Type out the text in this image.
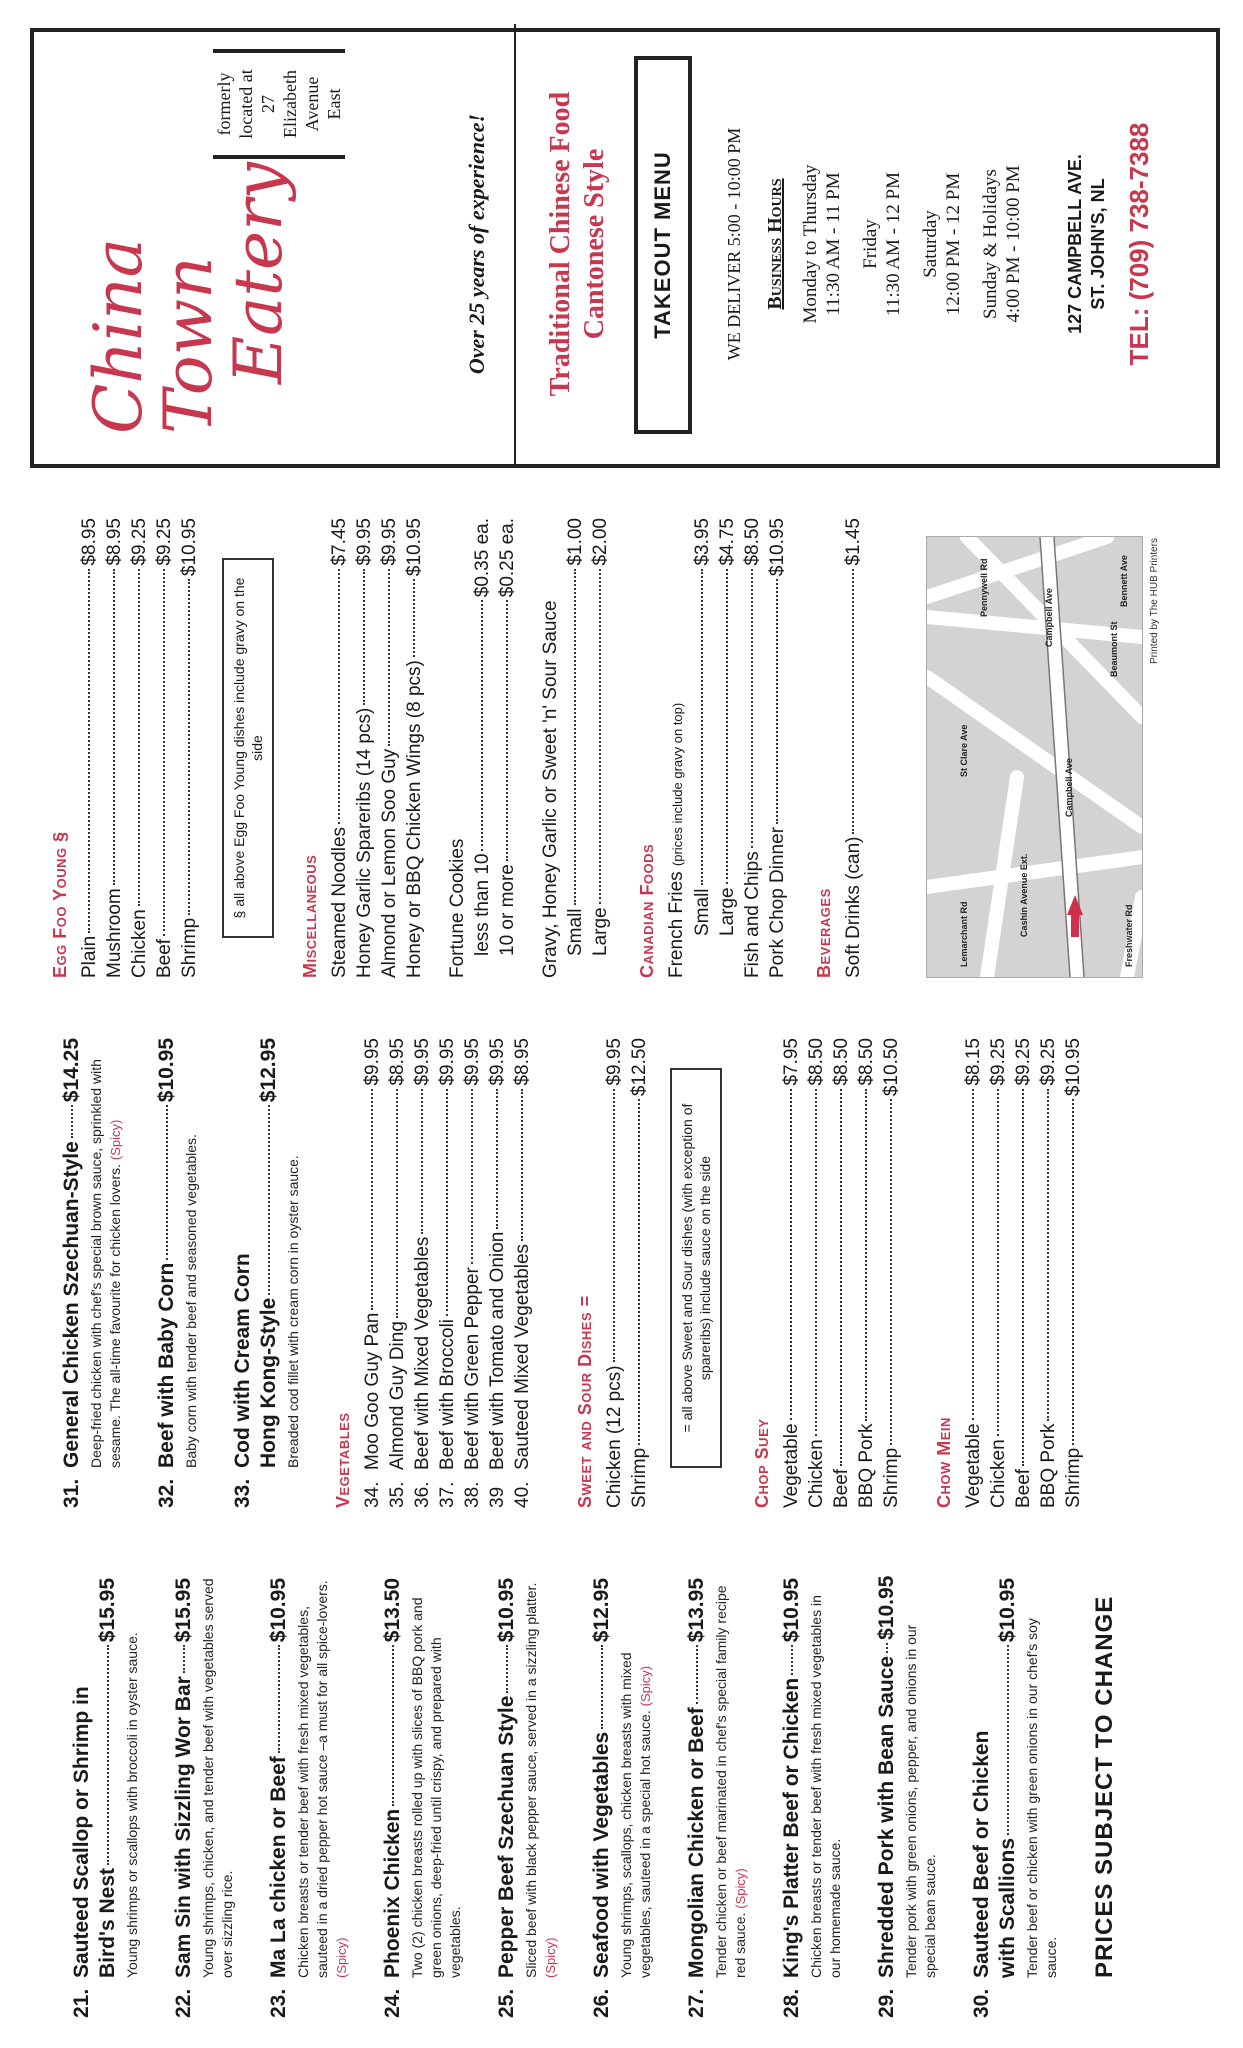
21.
Sauteed Scallop or Shrimp in Bird's Nest
$15.95
Young shrimps or scallops with broccoli in oyster sauce.
22.
Sam Sin with Sizzling Wor Bar
$15.95 Young shrimps, chicken, and tender beef with vegetables served over sizzling rice.
23.
Ma La chicken or Beef
$10.95 Chicken breasts or tender beef with fresh mixed vegetables, sauteed in a dried pepper hot sauce –a must for all spice-lovers. (Spicy)
24.
Phoenix Chicken
$13.50 Two (2) chicken breasts rolled up with slices of BBQ pork and green onions, deep-fried until crispy, and prepared with vegetables.
25.
Pepper Beef Szechuan Style
$10.95 Sliced beef with black pepper sauce, served in a sizzling platter. (Spicy)
26.
Seafood with Vegetables
$12.95
Young shrimps, scallops, chicken breasts with mixed vegetables, sauteed in a special hot sauce. (Spicy)
27.
Mongolian Chicken or Beef
$13.95 Tender chicken or beef marinated in chef's special family recipe red sauce. (Spicy)
28.
King's Platter Beef or Chicken
$10.95 Chicken breasts or tender beef with fresh mixed vegetables in our homemade sauce.
29.
Shredded Pork with Bean Sauce
$10.95
Tender pork with green onions, pepper, and onions in our special bean sauce.
30.
Sauteed Beef or Chicken with Scallions
$10.95
Tender beef or chicken with green onions in our chef's soy sauce. PRICES SUBJECT TO CHANGE
31.
General Chicken Szechuan-Style
$14.25 Deep-fried chicken with chef's special brown sauce, sprinkled with sesame. The all-time favourite for chicken lovers. (Spicy)
32.
Beef with Baby Corn
$10.95
Baby corn with tender beef and seasoned vegetables.
33.
Cod with Cream Corn Hong Kong-Style
$12.95
Breaded cod fillet with cream corn in oyster sauce. Vegetables 34.
Moo Goo Guy Pan
$9.95
35.
Almond Guy Ding
$8.95
36.
Beef with Mixed Vegetables
$9.95
37.
Beef with Broccoli
$9.95
38.
Beef with Green Pepper
$9.95
39
Beef with Tomato and Onion
$9.95
40.
Sauteed Mixed Vegetables
$8.95
Sweet and Sour Dishes = Chicken (12 pcs)
$9.95
Shrimp
$12.50
= all above Sweet and Sour dishes (with exception of spareribs) include sauce on the side
Chop Suey Vegetable
$7.95
Chicken
$8.50
Beef
$8.50
BBQ Pork
$8.50
Shrimp
$10.50
Chow Mein Vegetable
$8.15
Chicken
$9.25
Beef
$9.25
BBQ Pork
$9.25
Shrimp
$10.95
Egg Foo Young § Plain
$8.95
Mushroom
$8.95
Chicken
$9.25
Beef
$9.25
Shrimp
$10.95
§ all above Egg Foo Young dishes include gravy on the side
Miscellaneous Steamed Noodles
$7.45
Honey Garlic Spareribs (14 pcs)
$9.95
Almond or Lemon Soo Guy
$9.95
Honey or BBQ Chicken Wings (8 pcs)
$10.95
Fortune Cookies less than 10
$0.35 ea.
10 or more
$0.25 ea.
Gravy, Honey Garlic or Sweet 'n' Sour Sauce Small
$1.00
Large
$2.00
Canadian Foods French Fries (prices include gravy on top)
Small
$3.95
Large
$4.75
Fish and Chips
$8.50
Pork Chop Dinner
$10.95
Beverages Soft Drinks (can)
$1.45
Campbell Ave
Campbell Ave
Cashin Avenue Ext.
Bennett Ave
St Clare Ave
Beaumont St
Lemarchant Rd
Pennywell Rd
Freshwater Rd
Printed by The HUB Printers
China Town
Eatery
formerly located at 27 Elizabeth Avenue East
Over 25 years of experience! Traditional Chinese Food Cantonese Style	TAKEOUT MENU	WE DELIVER 5:00 - 10:00 PM Business Hours Monday to Thursday 11:30 AM - 11 PM Friday 11:30 AM - 12 PM Saturday 12:00 PM - 12 PM Sunday & Holidays 4:00 PM - 10:00 PM 127 CAMPBELL AVE. ST. JOHN'S, NL TEL: (709) 738-7388
